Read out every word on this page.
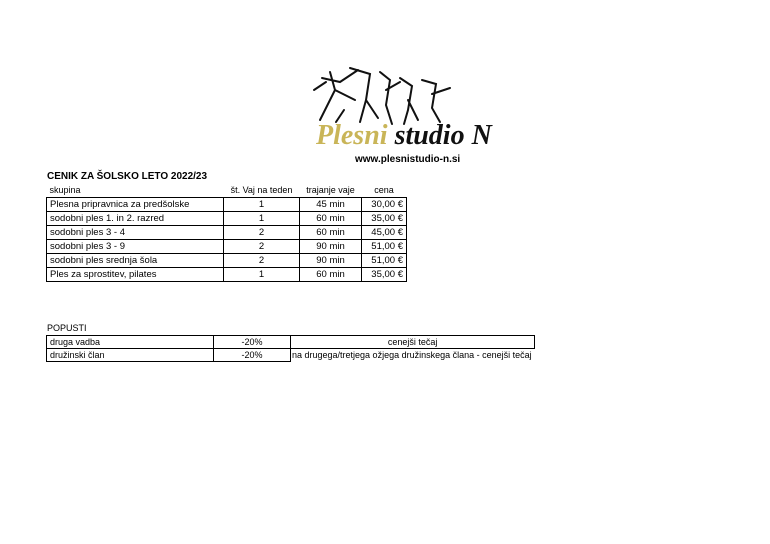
Plesni studio N
www.plesnistudio-n.si
CENIK ZA ŠOLSKO LETO 2022/23
skupina	št. Vaj na teden	trajanje vaje	cena
Plesna pripravnica za predšolske	1	45 min	30,00 €
sodobni ples 1. in 2. razred	1	60 min	35,00 €
sodobni ples 3 - 4	2	60 min	45,00 €
sodobni ples 3 - 9	2	90 min	51,00 €
sodobni ples srednja šola	2	90 min	51,00 €
Ples za sprostitev, pilates	1	60 min	35,00 €
POPUSTI
druga vadba	-20%	cenejši tečaj
družinski član	-20%	na drugega/tretjega ožjega družinskega člana - cenejši tečaj
